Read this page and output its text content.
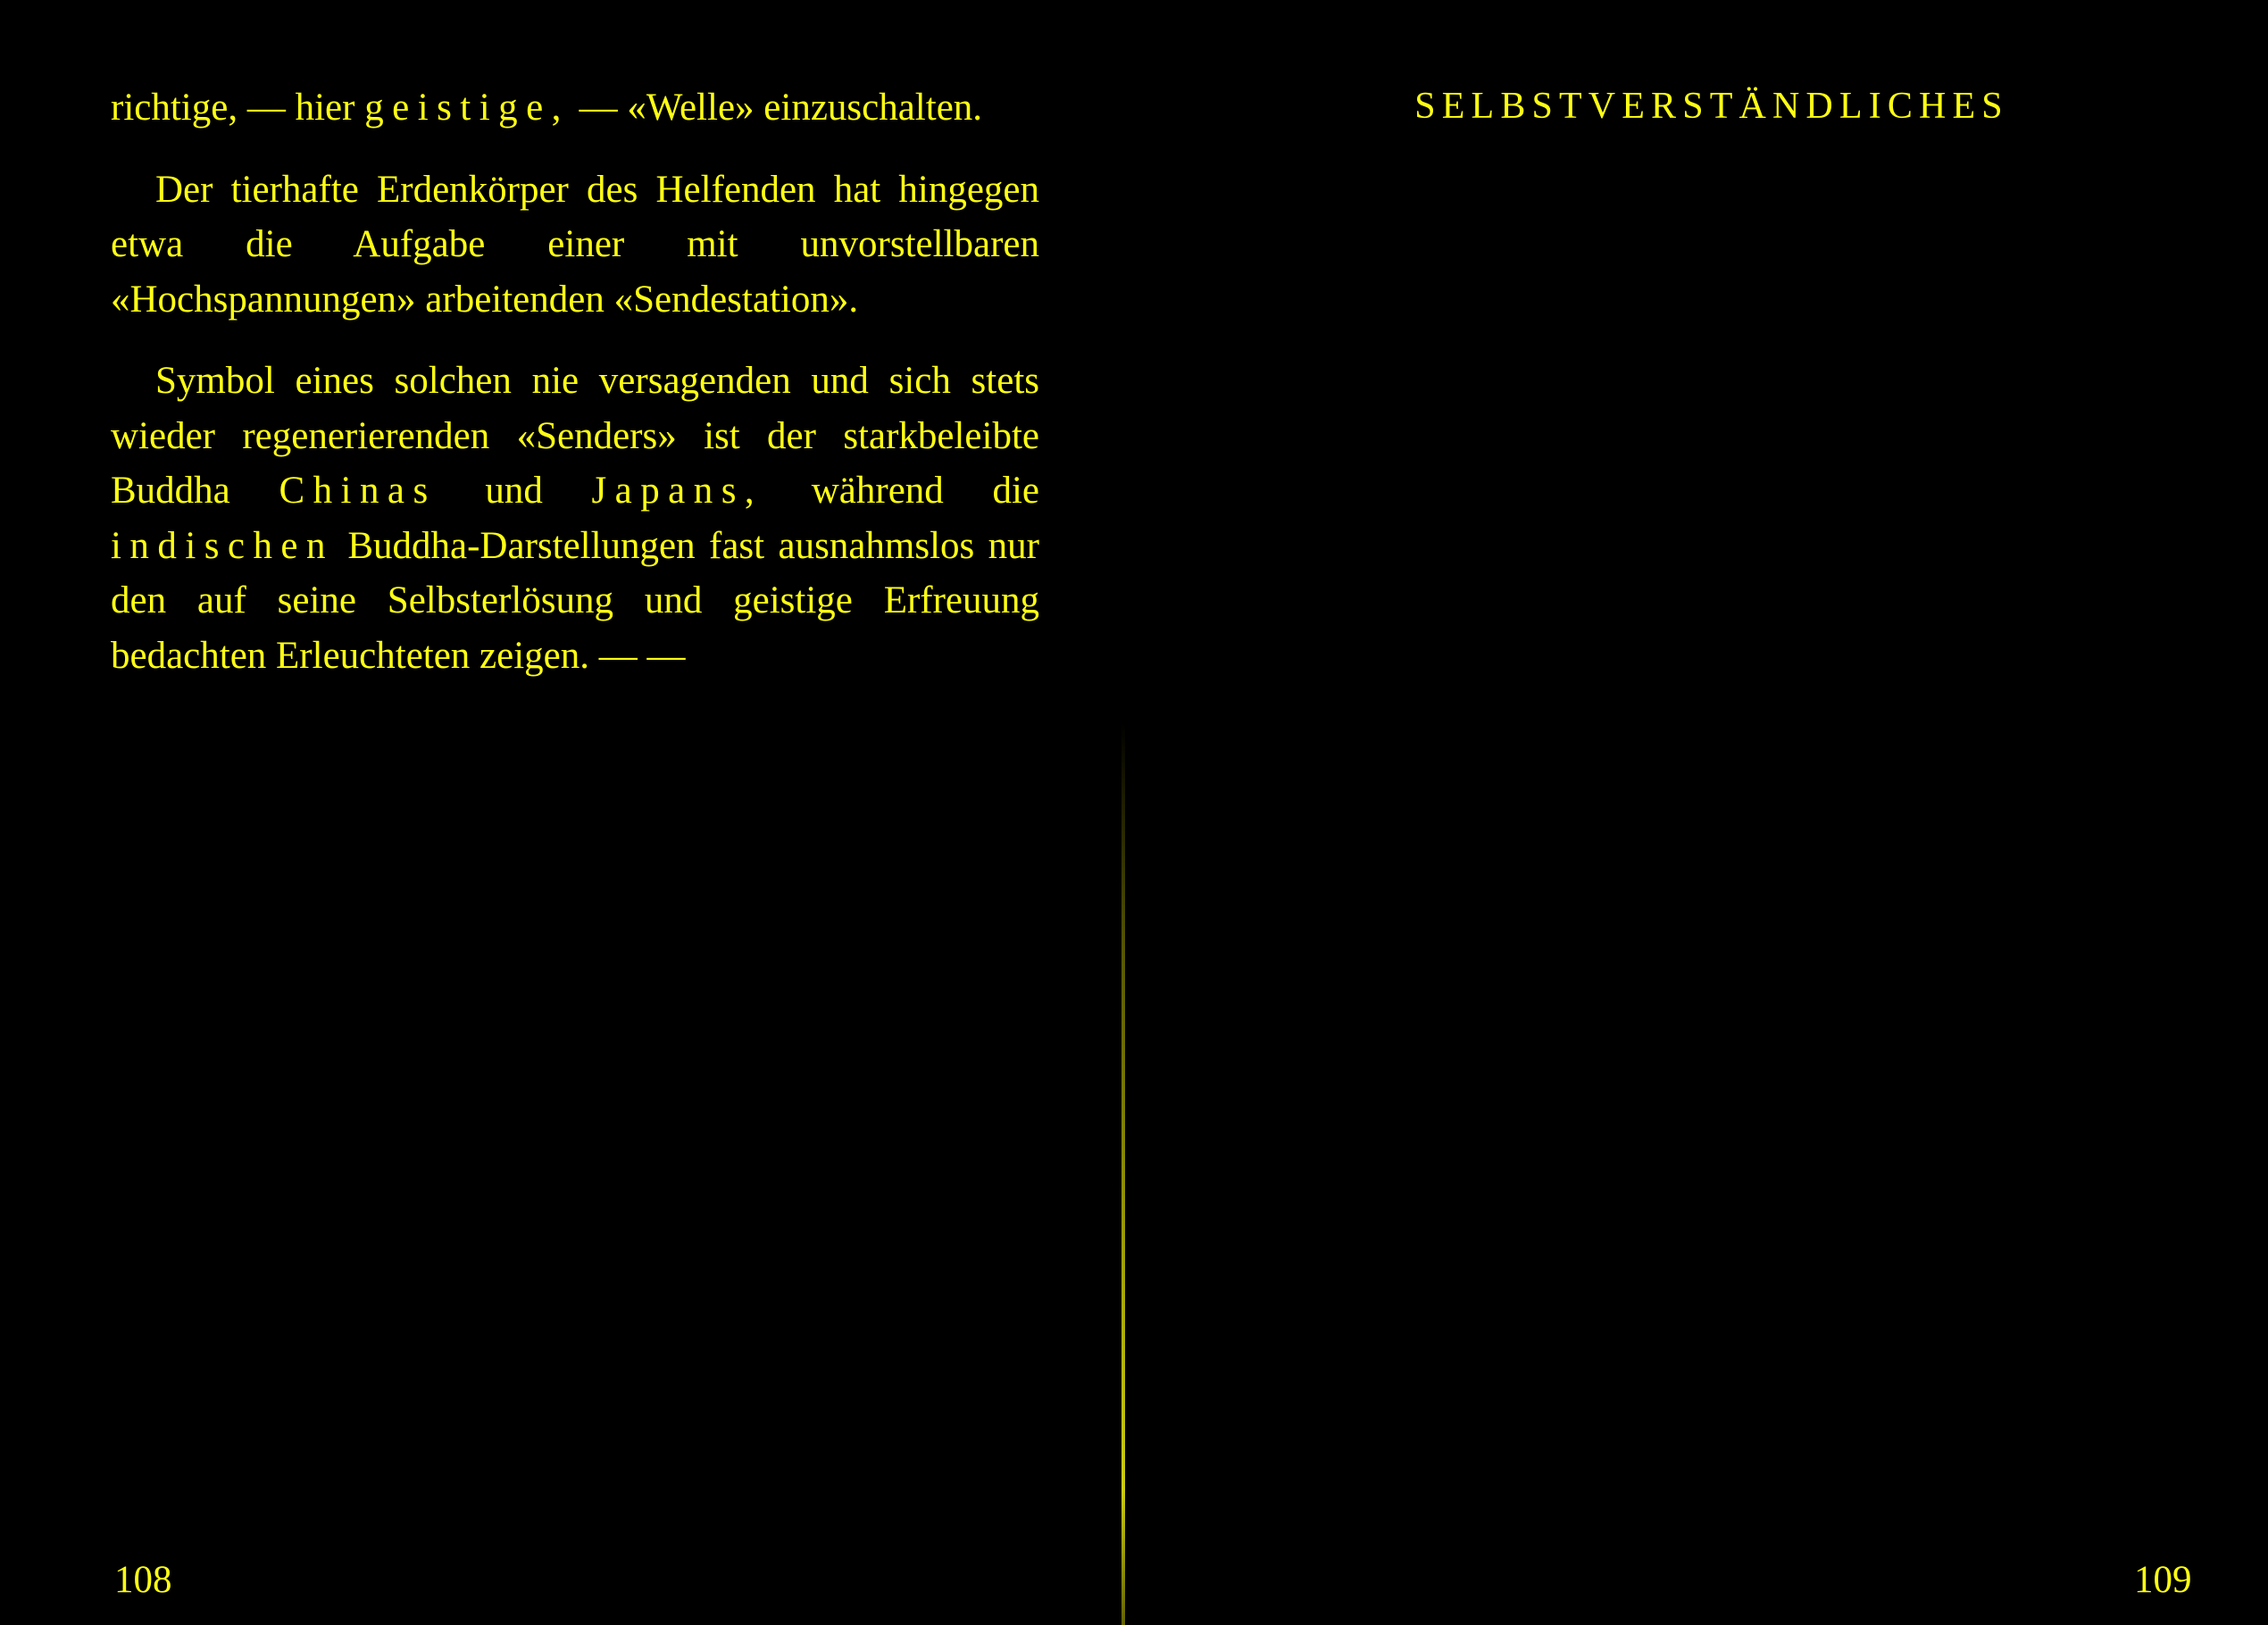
richtige, — hier geistige, — «Welle» einzuschalten.

Der tierhafte Erdenkörper des Helfenden hat hingegen etwa die Aufgabe einer mit unvorstellbaren «Hochspannungen» arbeitenden «Sendestation».

Symbol eines solchen nie versagenden und sich stets wieder regenerierenden «Senders» ist der starkbeleibte Buddha Chinas und Japans, während die indischen Buddha-Darstellungen fast ausnahmslos nur den auf seine Selbsterlösung und geistige Erfreuung bedachten Erleuchteten zeigen. — —

108
SELBSTVERSTÄNDLICHES

WER die Form geringschätzen zu dürfen glaubt, ist noch himmelweit von dem Wege entfernt, auf dem er dereinst — sei es im nachirdischen oder gar schon im gegenwärtigen Leben — in den Geist gelangen könnte! Auch wenn der vermeintlich über die Form Erhabene alle meine Schriften Satz für Satz auswendig weiß und sich gerne meiner Sprachweise zu bedienen pflegt.

Jedes öffentlich ausgesprochene Wort ist ein Saatkorn aus dem eine mehr oder minder reiche Ernte gleicher Art heranreift, und für diese Ernte hat allein der Mensch vor der Ewigkeit einzustehen, der das Saatkorn ausgeworfen hatte.

Als durchaus nicht selbstverständlich empfinde ich jedoch eine gewisse Wehleidigkeit und Selbstbemitleidung, die manchen der an mich gelangten Zuschriften ein kurioses Gepräge

109
